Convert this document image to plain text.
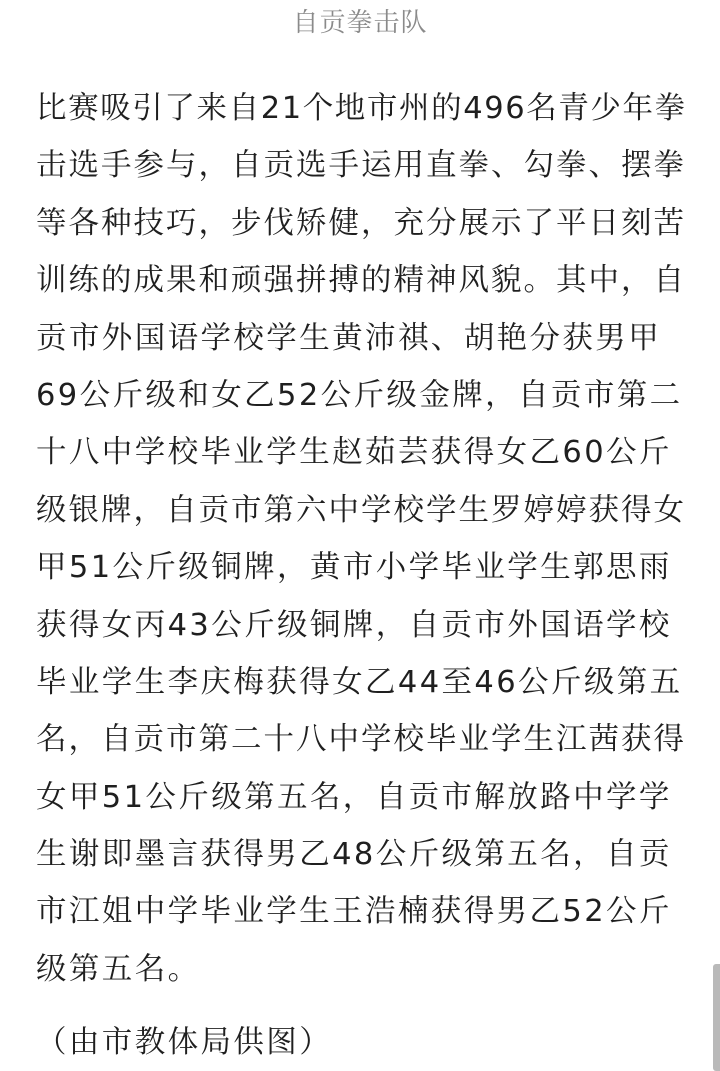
自贡拳击队
比赛吸引了来自21个地市州的496名青少年拳
击选手参与，自贡选手运用直拳、勾拳、摆拳
等各种技巧，步伐矫健，充分展示了平日刻苦
训练的成果和顽强拼搏的精神风貌。其中，自
贡市外国语学校学生黄沛祺、胡艳分获男甲
69公斤级和女乙52公斤级金牌，自贡市第二
十八中学校毕业学生赵茹芸获得女乙60公斤
级银牌，自贡市第六中学校学生罗婷婷获得女
甲51公斤级铜牌，黄市小学毕业学生郭思雨
获得女丙43公斤级铜牌，自贡市外国语学校
毕业学生李庆梅获得女乙44至46公斤级第五
名，自贡市第二十八中学校毕业学生江茜获得
女甲51公斤级第五名，自贡市解放路中学学
生谢即墨言获得男乙48公斤级第五名，自贡
市江姐中学毕业学生王浩楠获得男乙52公斤
级第五名。
（由市教体局供图）
